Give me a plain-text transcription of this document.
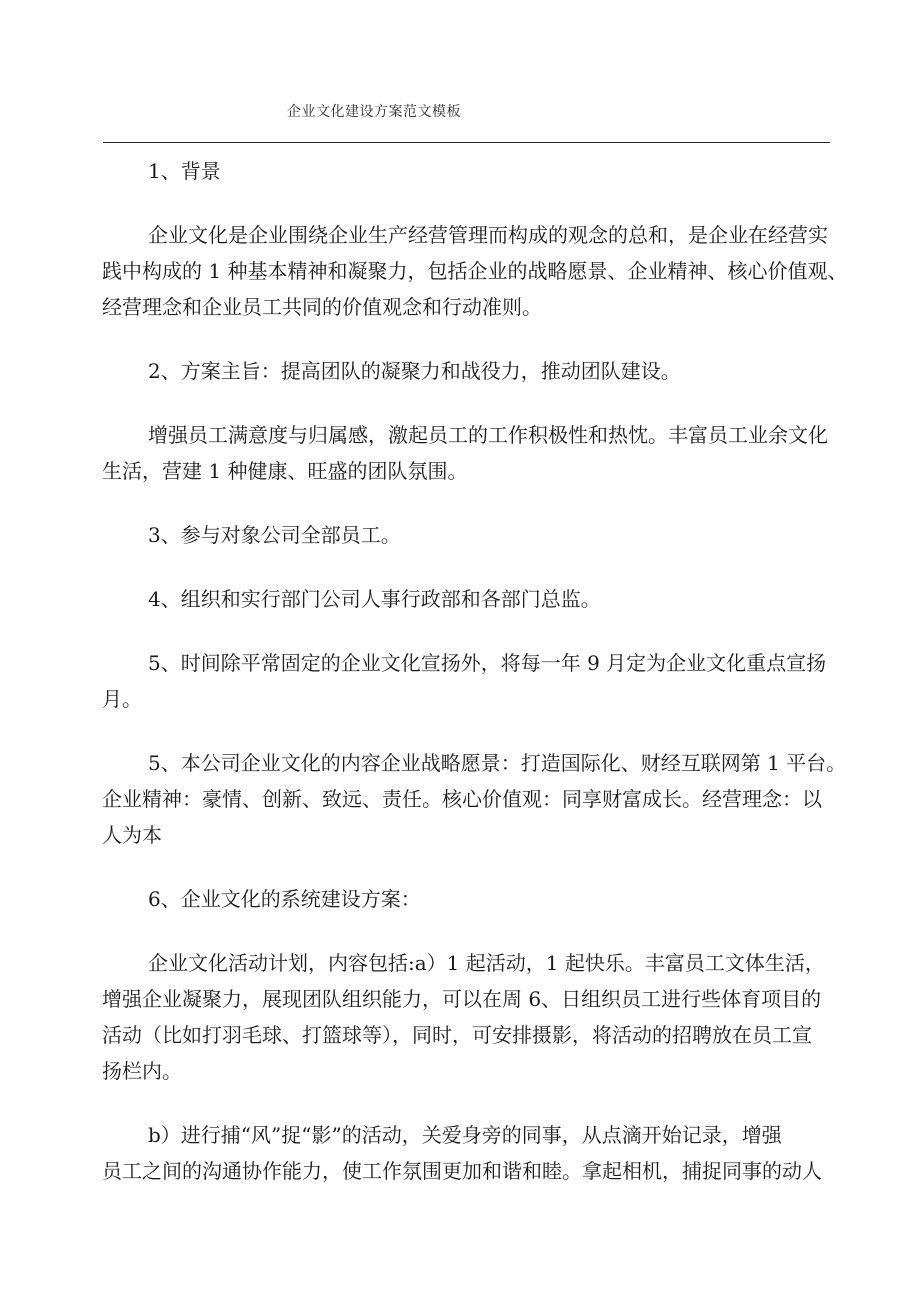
企业文化建设方案范文模板
1、背景
企业文化是企业围绕企业生产经营管理而构成的观念的总和，是企业在经营实
践中构成的 1 种基本精神和凝聚力，包括企业的战略愿景、企业精神、核心价值观、
经营理念和企业员工共同的价值观念和行动准则。
2、方案主旨：提高团队的凝聚力和战役力，推动团队建设。
增强员工满意度与归属感，激起员工的工作积极性和热忱。丰富员工业余文化
生活，营建 1 种健康、旺盛的团队氛围。
3、参与对象公司全部员工。
4、组织和实行部门公司人事行政部和各部门总监。
5、时间除平常固定的企业文化宣扬外，将每一年 9 月定为企业文化重点宣扬
月。
5、本公司企业文化的内容企业战略愿景：打造国际化、财经互联网第 1 平台。
企业精神：豪情、创新、致远、责任。核心价值观：同享财富成长。经营理念：以
人为本
6、企业文化的系统建设方案：
企业文化活动计划，内容包括:a）1 起活动，1 起快乐。丰富员工文体生活，
增强企业凝聚力，展现团队组织能力，可以在周 6、日组织员工进行些体育项目的
活动（比如打羽毛球、打篮球等），同时，可安排摄影，将活动的招聘放在员工宣
扬栏内。
b）进行捕“风”捉“影”的活动，关爱身旁的同事，从点滴开始记录，增强
员工之间的沟通协作能力，使工作氛围更加和谐和睦。拿起相机，捕捉同事的动人
